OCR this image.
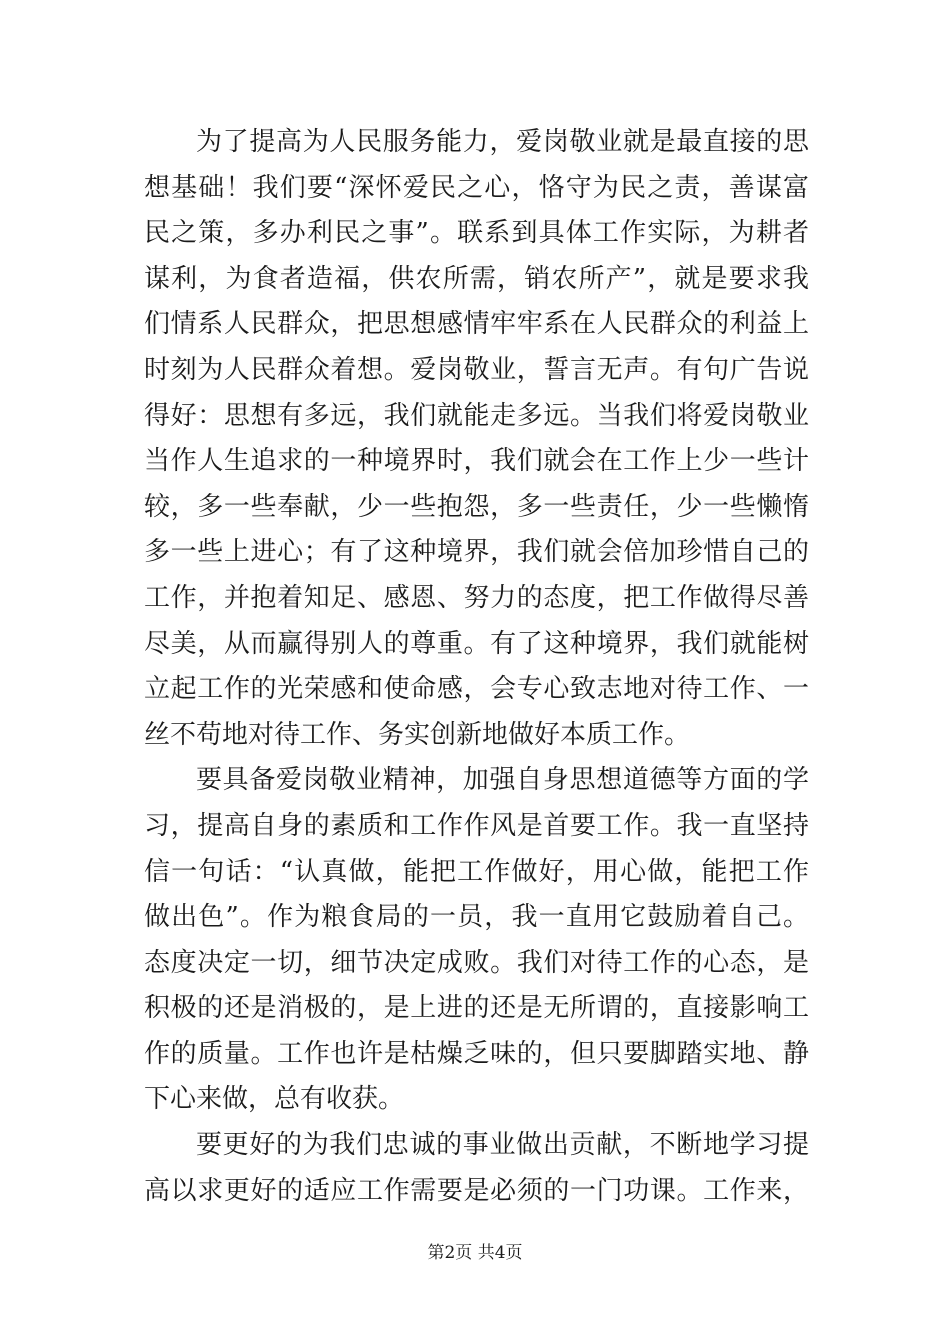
为了提高为人民服务能力，爱岗敬业就是最直接的思
想基础！我们要“深怀爱民之心，恪守为民之责，善谋富
民之策，多办利民之事”。联系到具体工作实际，为耕者
谋利，为食者造福，供农所需，销农所产”，就是要求我
们情系人民群众，把思想感情牢牢系在人民群众的利益上
时刻为人民群众着想。爱岗敬业，誓言无声。有句广告说
得好：思想有多远，我们就能走多远。当我们将爱岗敬业
当作人生追求的一种境界时，我们就会在工作上少一些计
较，多一些奉献，少一些抱怨，多一些责任，少一些懒惰
多一些上进心；有了这种境界，我们就会倍加珍惜自己的
工作，并抱着知足、感恩、努力的态度，把工作做得尽善
尽美，从而赢得别人的尊重。有了这种境界，我们就能树
立起工作的光荣感和使命感，会专心致志地对待工作、一
丝不苟地对待工作、务实创新地做好本质工作。
要具备爱岗敬业精神，加强自身思想道德等方面的学
习，提高自身的素质和工作作风是首要工作。我一直坚持
信一句话：“认真做，能把工作做好，用心做，能把工作
做出色”。作为粮食局的一员，我一直用它鼓励着自己。
态度决定一切，细节决定成败。我们对待工作的心态，是
积极的还是消极的，是上进的还是无所谓的，直接影响工
作的质量。工作也许是枯燥乏味的，但只要脚踏实地、静
下心来做，总有收获。
要更好的为我们忠诚的事业做出贡献，不断地学习提
高以求更好的适应工作需要是必须的一门功课。工作来，
第2页 共4页
